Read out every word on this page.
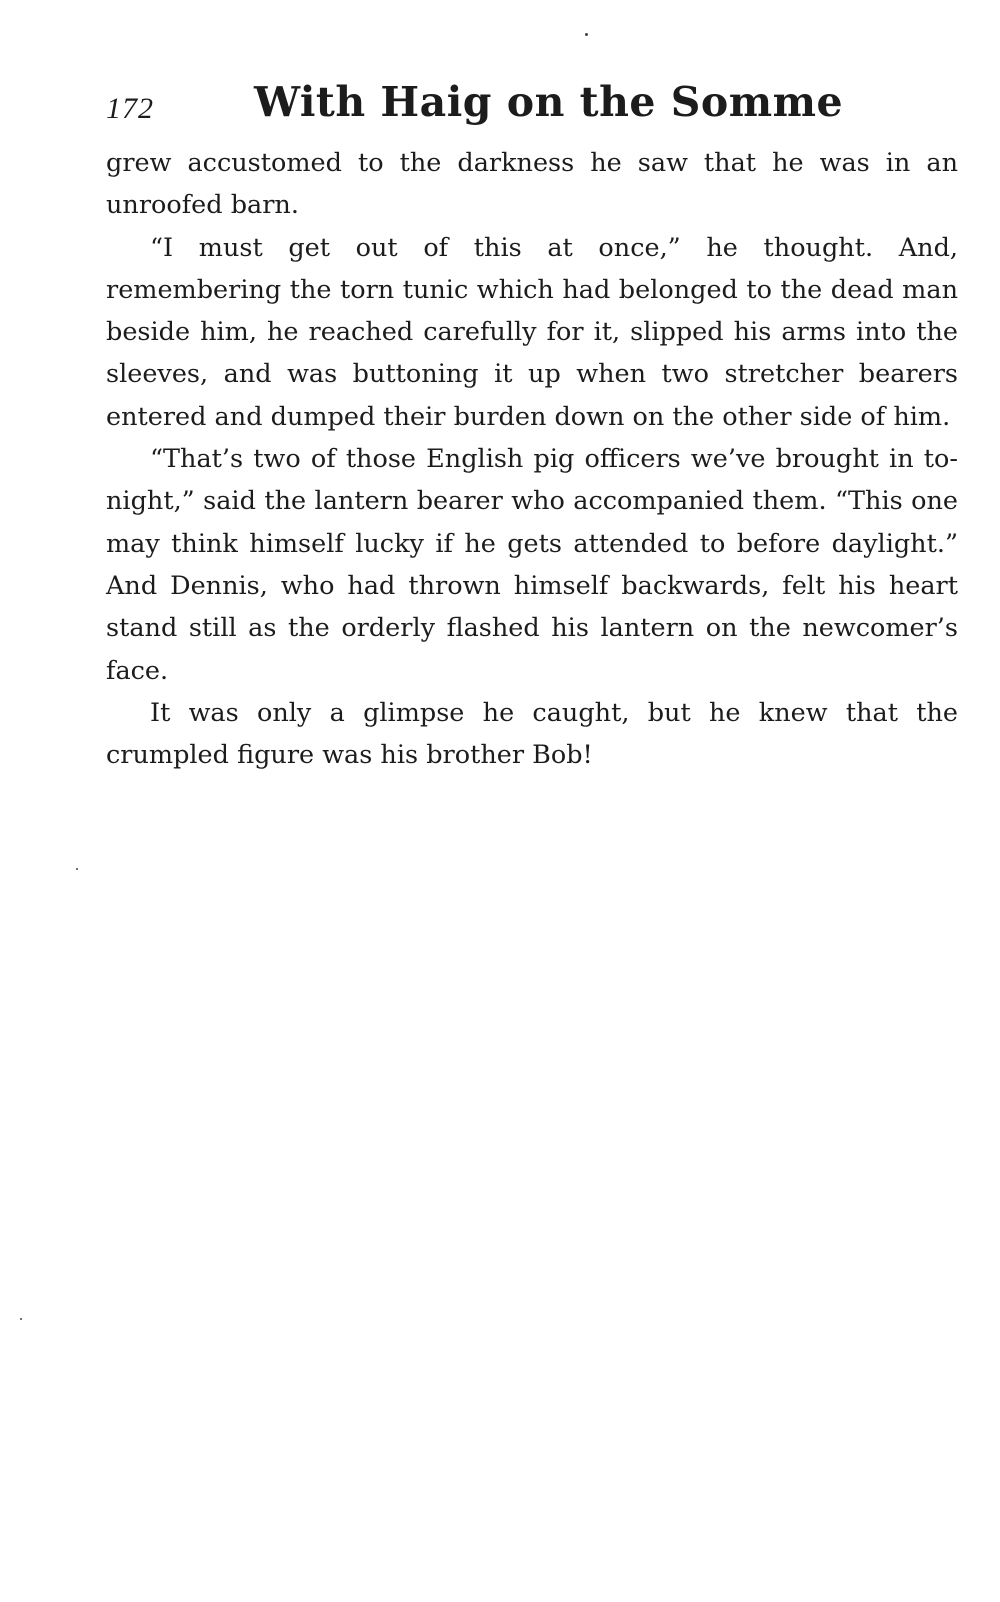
172 With Haig on the Somme

grew accustomed to the darkness he saw that he was in an unroofed barn.

“I must get out of this at once,” he thought. And, remembering the torn tunic which had belonged to the dead man beside him, he reached carefully for it, slipped his arms into the sleeves, and was buttoning it up when two stretcher bearers entered and dumped their burden down on the other side of him.

“That’s two of those English pig officers we’ve brought in to-night,” said the lantern bearer who accompanied them. “This one may think himself lucky if he gets attended to before daylight.” And Dennis, who had thrown himself backwards, felt his heart stand still as the orderly flashed his lantern on the newcomer’s face.

It was only a glimpse he caught, but he knew that the crumpled figure was his brother Bob!
